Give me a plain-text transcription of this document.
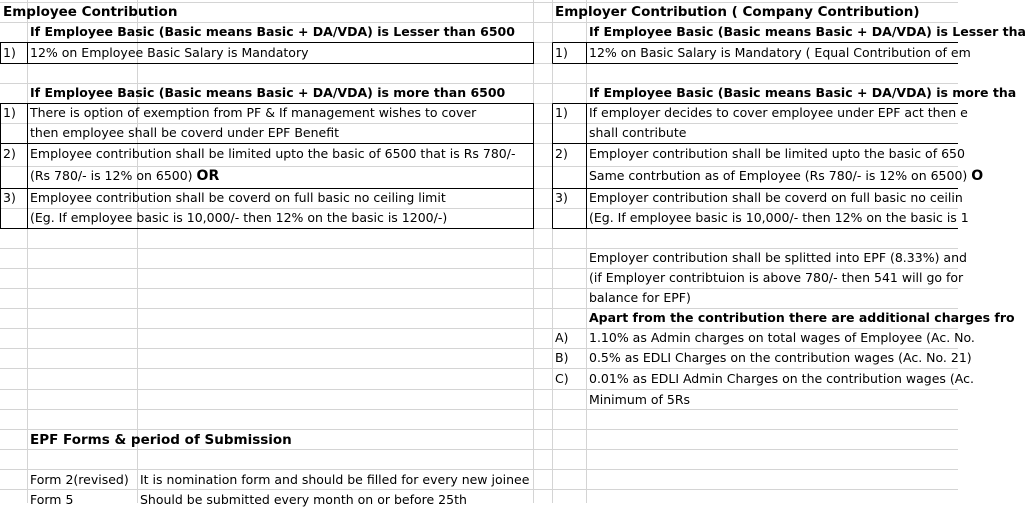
Employee Contribution
If Employee Basic (Basic means Basic + DA/VDA) is Lesser than 6500
1) 12% on Employee Basic Salary is Mandatory
If Employee Basic (Basic means Basic + DA/VDA) is more than 6500
1) There is option of exemption from PF & If management wishes to cover
then employee shall be coverd under EPF Benefit
2) Employee contribution shall be limited upto the basic of 6500 that is Rs 780/-
(Rs 780/- is 12% on 6500) OR
3) Employee contribution shall be coverd on full basic no ceiling limit
(Eg. If employee basic is 10,000/- then 12% on the basic is 1200/-)
Employer Contribution ( Company Contribution)
If Employee Basic (Basic means Basic + DA/VDA) is Lesser tha
1) 12% on Basic Salary is Mandatory ( Equal Contribution of em
If Employee Basic (Basic means Basic + DA/VDA) is more tha
1) If employer decides to cover employee under EPF act then e
shall contribute
2) Employer contribution shall be limited upto the basic of 650
Same contrbution as of Employee (Rs 780/- is 12% on 6500) O
3) Employer contribution shall be coverd on full basic no ceilin
(Eg. If employee basic is 10,000/- then 12% on the basic is 1
Employer contribution shall be splitted into EPF (8.33%) and
(if Employer contribtuion is above 780/- then 541 will go for
balance for EPF)
Apart from the contribution there are additional charges fro
A) 1.10% as Admin charges on total wages of Employee (Ac. No.
B) 0.5% as EDLI Charges on the contribution wages (Ac. No. 21)
C) 0.01% as EDLI Admin Charges on the contribution wages (Ac.
Minimum of 5Rs
EPF Forms & period of Submission
Form 2(revised) It is nomination form and should be filled for every new joinee
Form 5	Should be submitted every month on or before 25th
